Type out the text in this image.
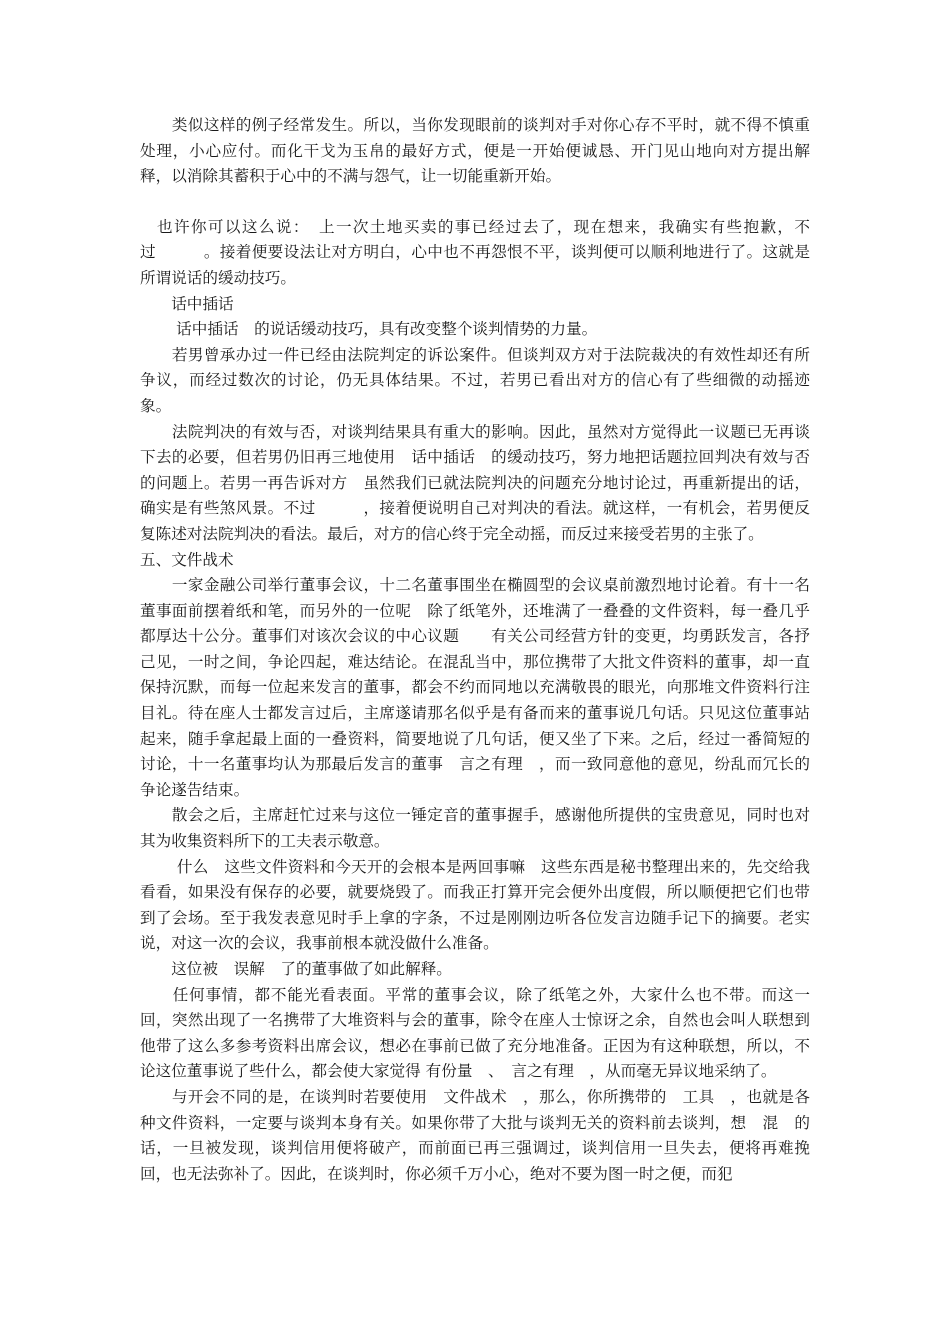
　　类似这样的例子经常发生。所以，当你发现眼前的谈判对手对你心存不平时，就不得不慎重处理，小心应付。而化干戈为玉帛的最好方式，便是一开始便诚恳、开门见山地向对方提出解释，以消除其蓄积于心中的不满与怨气，让一切能重新开始。

　也许你可以这么说：　上一次土地买卖的事已经过去了，现在想来，我确实有些抱歉，不过　　　。接着便要设法让对方明白，心中也不再怨恨不平，谈判便可以顺利地进行了。这就是所谓说话的缓动技巧。

　　话中插话

　　 话中插话　的说话缓动技巧，具有改变整个谈判情势的力量。

　　若男曾承办过一件已经由法院判定的诉讼案件。但谈判双方对于法院裁决的有效性却还有所争议，而经过数次的讨论，仍无具体结果。不过，若男已看出对方的信心有了些细微的动摇迹象。

　　法院判决的有效与否，对谈判结果具有重大的影响。因此，虽然对方觉得此一议题已无再谈下去的必要，但若男仍旧再三地使用　话中插话　的缓动技巧，努力地把话题拉回判决有效与否的问题上。若男一再告诉对方　虽然我们已就法院判决的问题充分地讨论过，再重新提出的话，确实是有些煞风景。不过　　　，接着便说明自己对判决的看法。就这样，一有机会，若男便反复陈述对法院判决的看法。最后，对方的信心终于完全动摇，而反过来接受若男的主张了。

五、文件战术

　　一家金融公司举行董事会议，十二名董事围坐在椭圆型的会议桌前激烈地讨论着。有十一名董事面前摆着纸和笔，而另外的一位呢　除了纸笔外，还堆满了一叠叠的文件资料，每一叠几乎都厚达十公分。董事们对该次会议的中心议题　　有关公司经营方针的变更，均勇跃发言，各抒己见，一时之间，争论四起，难达结论。在混乱当中，那位携带了大批文件资料的董事，却一直保持沉默，而每一位起来发言的董事，都会不约而同地以充满敬畏的眼光，向那堆文件资料行注目礼。待在座人士都发言过后，主席遂请那名似乎是有备而来的董事说几句话。只见这位董事站起来，随手拿起最上面的一叠资料，简要地说了几句话，便又坐了下来。之后，经过一番简短的讨论，十一名董事均认为那最后发言的董事　言之有理　，而一致同意他的意见，纷乱而冗长的争论遂告结束。

　　散会之后，主席赶忙过来与这位一锤定音的董事握手，感谢他所提供的宝贵意见，同时也对其为收集资料所下的工夫表示敬意。

　　 什么　这些文件资料和今天开的会根本是两回事嘛　这些东西是秘书整理出来的，先交给我看看，如果没有保存的必要，就要烧毁了。而我正打算开完会便外出度假，所以顺便把它们也带到了会场。至于我发表意见时手上拿的字条，不过是刚刚边听各位发言边随手记下的摘要。老实说，对这一次的会议，我事前根本就没做什么准备。

　　这位被　误解　了的董事做了如此解释。

　　任何事情，都不能光看表面。平常的董事会议，除了纸笔之外，大家什么也不带。而这一回，突然出现了一名携带了大堆资料与会的董事，除令在座人士惊讶之余，自然也会叫人联想到　　他带了这么多参考资料出席会议，想必在事前已做了充分地准备。正因为有这种联想，所以，不论这位董事说了些什么，都会使大家觉得 有份量　、　言之有理　，从而毫无异议地采纳了。

　　与开会不同的是，在谈判时若要使用　文件战术　，那么，你所携带的　工具　，也就是各种文件资料，一定要与谈判本身有关。如果你带了大批与谈判无关的资料前去谈判，想　混　的话，一旦被发现，谈判信用便将破产，而前面已再三强调过，谈判信用一旦失去，便将再难挽回，也无法弥补了。因此，在谈判时，你必须千万小心，绝对不要为图一时之便，而犯
